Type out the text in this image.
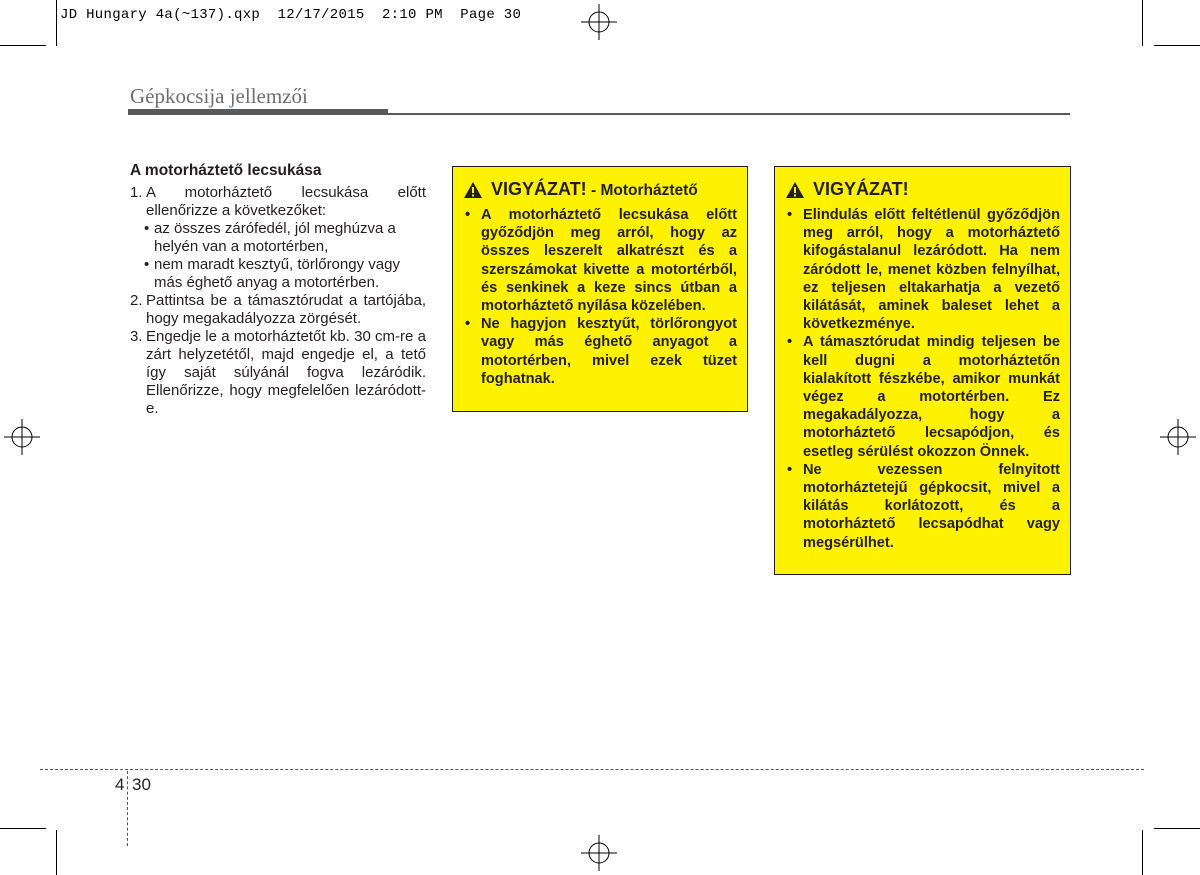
JD Hungary 4a(~137).qxp  12/17/2015  2:10 PM  Page 30
Gépkocsija jellemzői
A motorháztető lecsukása
1. A motorháztető lecsukása előtt ellenőrizze a következőket:
• az összes zárófedél, jól meghúzva a helyén van a motortérben,
• nem maradt kesztyű, törlőrongy vagy más éghető anyag a motortérben.
2. Pattintsa be a támasztórudat a tartójába, hogy megakadályozza zörgését.
3. Engedje le a motorháztetőt kb. 30 cm-re a zárt helyzetétől, majd engedje el, a tető így saját súlyánál fogva lezáródik. Ellenőrizze, hogy megfelelően lezáródott-e.
VIGYÁZAT! - Motorháztető
• A motorháztető lecsukása előtt győződjön meg arról, hogy az összes leszerelt alkatrészt és a szerszámokat kivette a motortérből, és senkinek a keze sincs útban a motorháztető nyílása közelében.
• Ne hagyjon kesztyűt, törlőrongyot vagy más éghető anyagot a motortérben, mivel ezek tüzet foghatnak.
VIGYÁZAT!
• Elindulás előtt feltétlenül győződjön meg arról, hogy a motorháztető kifogástalanul lezáródott. Ha nem záródott le, menet közben felnyílhat, ez teljesen eltakarhatja a vezető kilátását, aminek baleset lehet a következménye.
• A támasztórudat mindig teljesen be kell dugni a motorháztetőn kialakított fészkébe, amikor munkát végez a motortérben. Ez megakadályozza, hogy a motorháztető lecsapódjon, és esetleg sérülést okozzon Önnek.
• Ne vezessen felnyitott motorháztetejű gépkocsit, mivel a kilátás korlátozott, és a motorháztető lecsapódhat vagy megsérülhet.
4 30
